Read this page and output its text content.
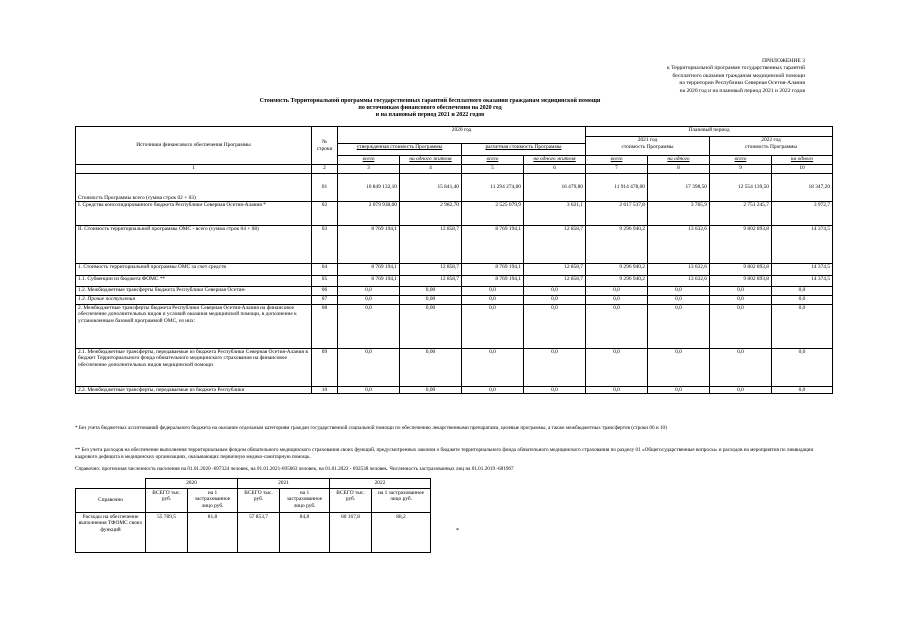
ПРИЛОЖЕНИЕ 3
к Территориальной программе государственных гарантий
бесплатного оказания гражданам медицинской помощи
на территории Республики Северная Осетия-Алания
на 2020 год и на плановый период 2021 и 2022 годов
Стоимость Территориальной программы государственных гарантий бесплатного оказания гражданам медицинской помощи
по источникам финансового обеспечения на 2020 год
и на плановый период 2021 и 2022 годов
Источники финансового обеспечения Программы	№ строки	2020 год				Плановый период			
						2021 год		2022 год	
		утвержденная стоимость Программы		расчетная стоимость Программы		стоимость Программы		стоимость Программы	
		всего	на одного жителя	всего	на одного жителя	всего	на одного	всего	на одного
1	2	3	4	5	6	7	8	9	10
Стоимость Программы всего (сумма строк 02 + 03)	01	10 849 132,10	15 841,40	11 294 274,00	16 479,80	11 914 478,00	17 398,50	12 554 139,50	18 347,20
I. Средства консолидированного бюджета Республики Северная Осетия-Алания *	02	2 079 938,00	2 982,70	2 525 079,9	3 621,1	2 617 537,8	3 765,9	2 751 245,7	3 972,7
II. Стоимость территориальной программы ОМС - всего (сумма строк 04 + 08)	03	8 769 194,1	12 858,7	8 769 194,1	12 858,7	9 296 940,2	13 632,6	9 802 893,8	14 374,5
1. Стоимость территориальной программы ОМС за счет средств	04	8 769 194,1	12 858,7	8 769 194,1	12 858,7	9 296 940,2	13 632,6	9 802 893,8	14 374,5
1.1. Субвенции из бюджета ФОМС **	05	8 769 194,1	12 858,7	8 769 194,1	12 858,7	9 296 940,2	13 632,6	9 802 893,8	14 374,5
1.2. Межбюджетные трансферты бюджета Республики Северная Осетия-	06	0,0	0,00	0,0	0,0	0,0	0,0	0,0	0,0
1.3. Прочие поступления	07	0,0	0,00	0,0	0,0	0,0	0,0	0,0	0,0
2. Межбюджетные трансферты бюджета Республики Северная Осетия-Алания на финансовое обеспечение дополнительных видов и условий оказания медицинской помощи, в дополнение к установленным базовой программой ОМС, из них:	08	0,0	0,00	0,0	0,0	0,0	0,0	0,0	0,0
2.1. Межбюджетные трансферты, передаваемые из бюджета Республики Северная Осетия-Алания в бюджет Территориального фонда обязательного медицинского страхования на финансовое обеспечение дополнительных видов медицинской помощи	09	0,0	0,00	0,0	0,0	0,0	0,0	0,0	0,0
2.2. Межбюджетные трансферты, передаваемые из бюджета Республики	10	0,0	0,00	0,0	0,0	0,0	0,0	0,0	0,0
* Без учета бюджетных ассигнований федерального бюджета на оказание отдельным категориям граждан государственной социальной помощи по обеспечению лекарственными препаратами, целевые программы, а также межбюджетных трансфертов (строки 06 и 10)
** Без учета расходов на обеспечение выполнения территориальным фондом обязательного медицинского страхования своих функций, предусмотренных законом о бюджете территориального фонда обязательного медицинского страхования по разделу 01 «Общегосударственные вопросы» и расходов на мероприятия по ликвидации кадрового дефицита в медицинских организациях, оказывающих первичную медико-санитарную помощь.
Справочно: прогнозная численность населения на 01.01.2020 -697324 человек, на 01.01.2021-695063 человек, на 01.01.2022 - 692538 человек. Численность застрахованных лиц на 01.01.2019 -681967
	2020		2021		2022	
Справочно	ВСЕГО тыс. руб.	на 1 застрахованное лицо руб.	ВСЕГО тыс. руб.	на 1 застрахованное лицо руб.	ВСЕГО тыс. руб.	на 1 застрахованное лицо руб.
Расходы на обеспечение выполнения ТФОМС своих функций	55 789,5	81,8	57 853,7	84,8	60 167,8	88,2
*
